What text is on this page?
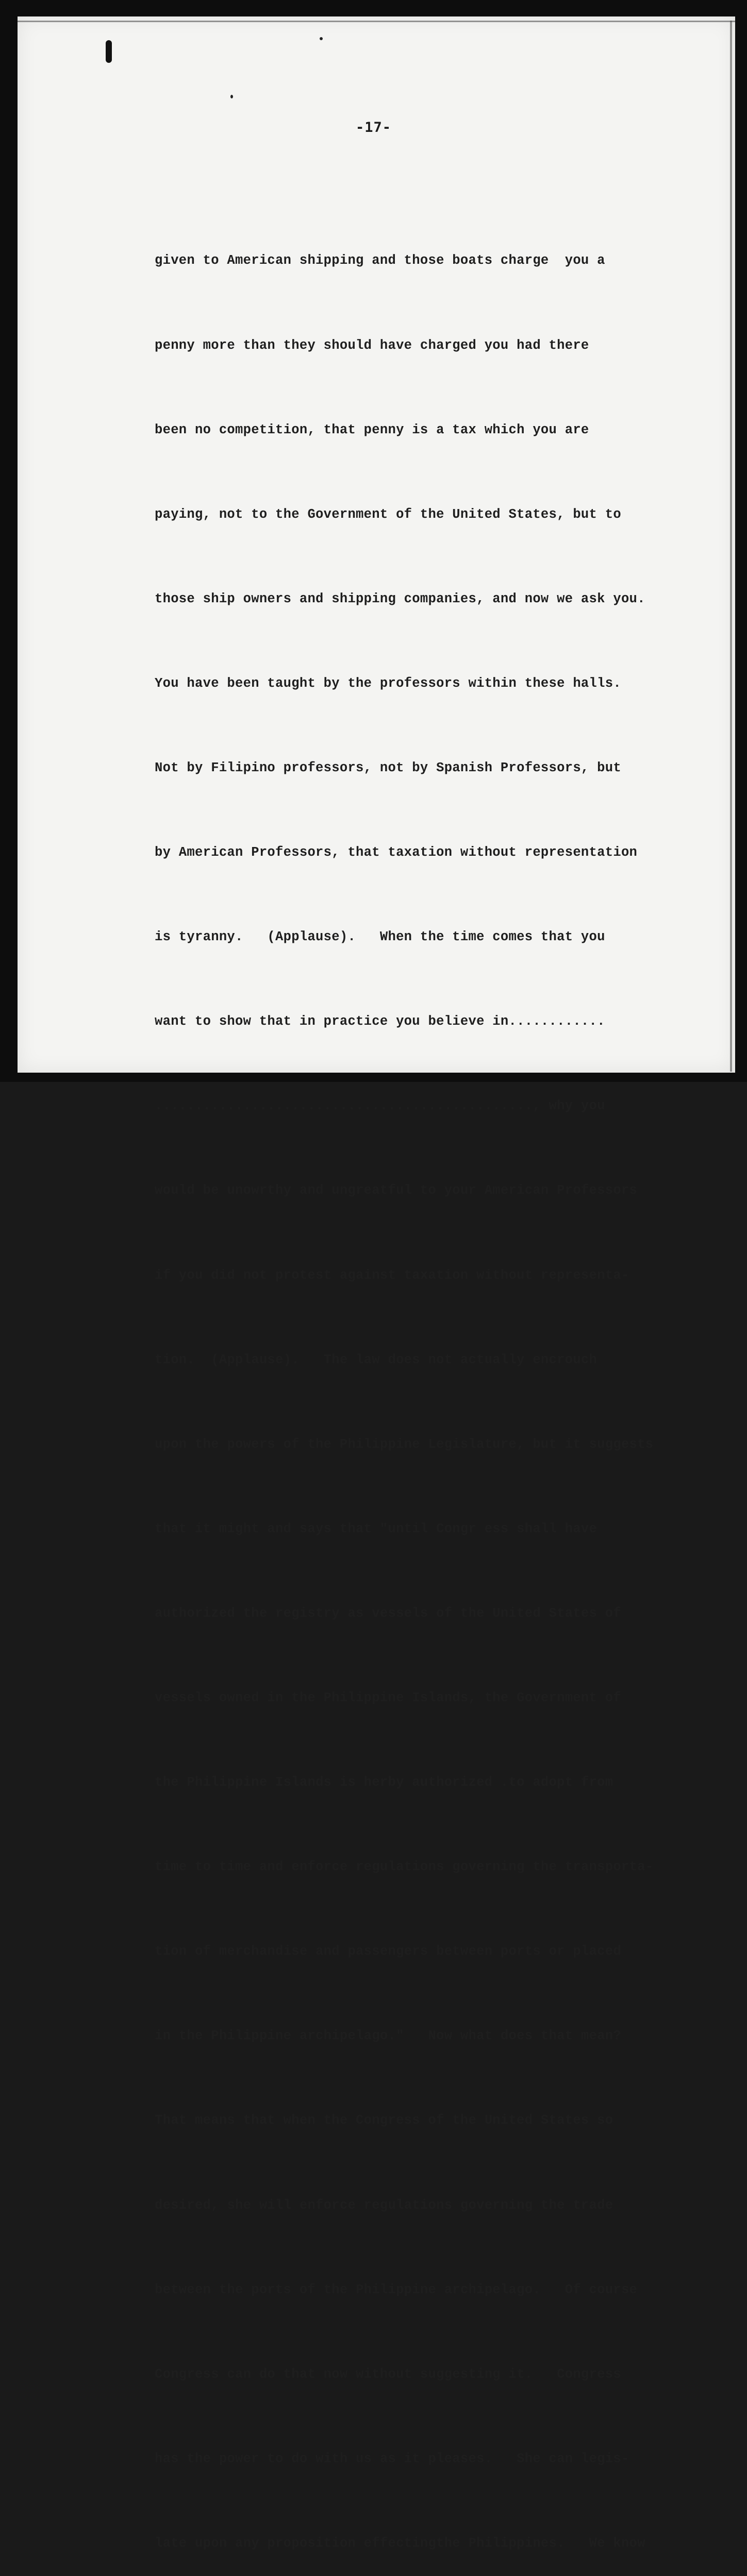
-17-

given to American shipping and those boats charge  you a

penny more than they should have charged you had there

been no competition, that penny is a tax which you are

paying, not to the Government of the United States, but to

those ship owners and shipping companies, and now we ask you.

You have been taught by the professors within these halls.

Not by Filipino professors, not by Spanish Professors, but

by American Professors, that taxation without representation

is tyranny.   (Applause).   When the time comes that you

want to show that in practice you believe in............

..............................................., why you

would be unowrthy and ungreatful to your American Professors

if you did not protest against taxation without representa-

tion.  (Applause).   The law does not actually encrouch

upon the powers of the Philippine Legislature, but it suggests

that it might and says that "until Congr ess shall have

authorized the registry as vessels of the United States of

vessels owned in the Philippine Islands, the Government of

the Philippine Islands is herby authorized .to adopt from

time to time and enforce regulations governing the transporta-

tion of merchandise and passengers between ports or placed

in the Philippine archipelago."   Now what does that mean?

That means that when the Congress of the United States so

desired, she will enforce regulations governing the trade

between the ports of the Philippine archipelago.   Of course

Congress can do that now without suggesting it.   Congress

has the power to do with us as it pleases.   She can legis-

late upon any proposition effectingthe Philippines.   We know
